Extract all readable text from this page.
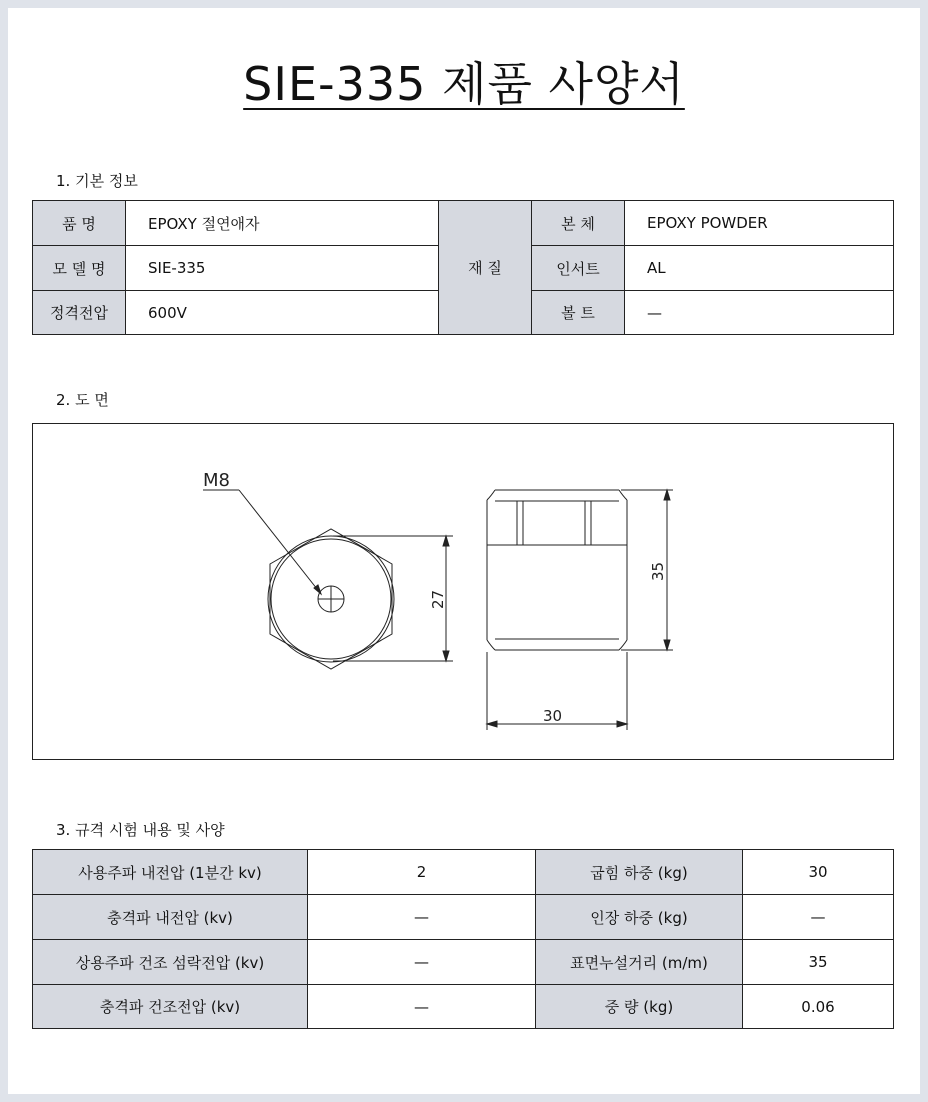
SIE-335 제품 사양서
1. 기본 정보
품 명	EPOXY 절연애자	재 질	본 체	EPOXY POWDER
모 델 명	SIE-335		인서트	AL
정격전압	600V		볼 트	—
2. 도 면
M8
27
35
30
3. 규격 시험 내용 및 사양
사용주파 내전압 (1분간 kv)	2	굽힘 하중 (kg)	30
충격파 내전압 (kv)	—	인장 하중 (kg)	—
상용주파 건조 섬락전압 (kv)	—	표면누설거리 (m/m)	35
충격파 건조전압 (kv)	—	중 량 (kg)	0.06
